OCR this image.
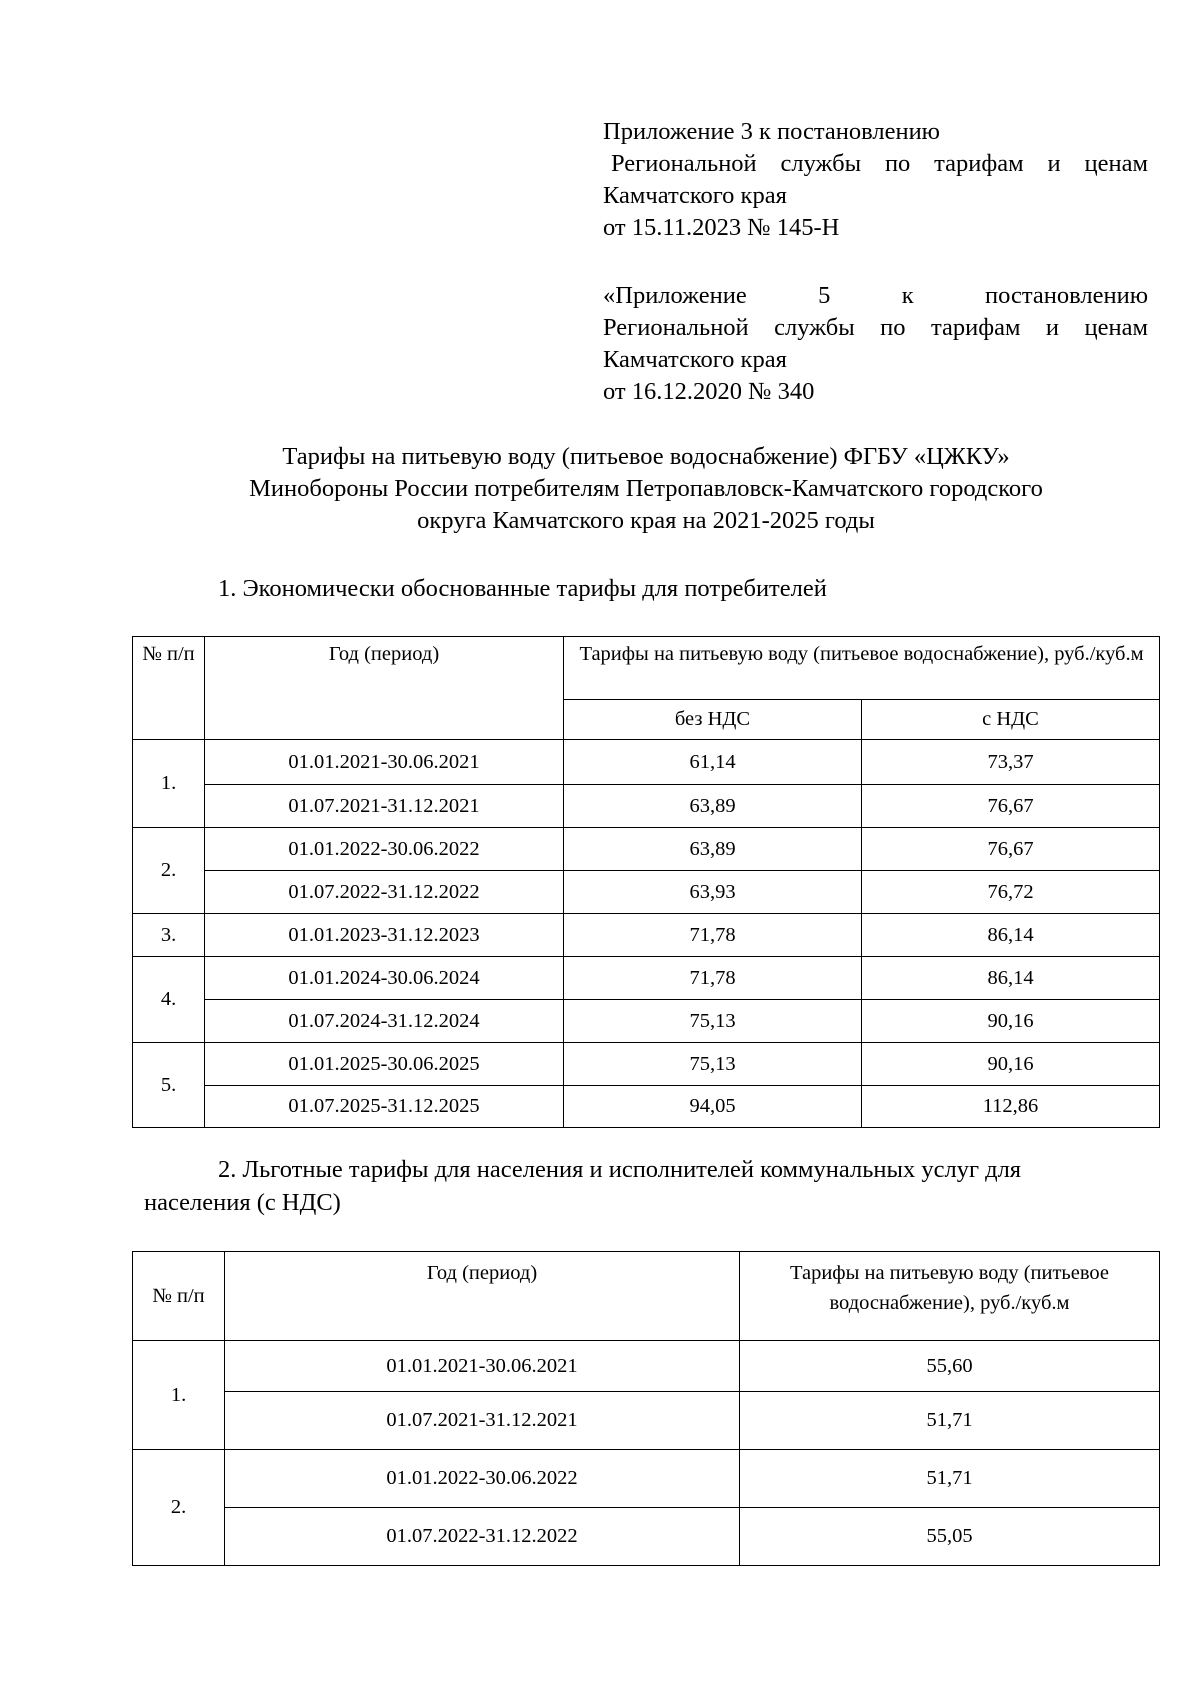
Приложение 3 к постановлению
Региональной службы по тарифам и ценам
Камчатского края
от 15.11.2023 № 145-Н
«Приложение 5 к постановлению
Региональной службы по тарифам и ценам
Камчатского края
от 16.12.2020 № 340
Тарифы на питьевую воду (питьевое водоснабжение) ФГБУ «ЦЖКУ»
Минобороны России потребителям Петропавловск-Камчатского городского
округа Камчатского края на 2021-2025 годы
1. Экономически обоснованные тарифы для потребителей
№ п/п	Год (период)	Тарифы на питьевую воду (питьевое водоснабжение), руб./куб.м	
		без НДС	с НДС
1.	01.01.2021-30.06.2021	61,14	73,37
	01.07.2021-31.12.2021	63,89	76,67
2.	01.01.2022-30.06.2022	63,89	76,67
	01.07.2022-31.12.2022	63,93	76,72
3.	01.01.2023-31.12.2023	71,78	86,14
4.	01.01.2024-30.06.2024	71,78	86,14
	01.07.2024-31.12.2024	75,13	90,16
5.	01.01.2025-30.06.2025	75,13	90,16
	01.07.2025-31.12.2025	94,05	112,86
2. Льготные тарифы для населения и исполнителей коммунальных услуг для
населения (с НДС)
№ п/п	Год (период)	Тарифы на питьевую воду (питьевое водоснабжение), руб./куб.м
1.	01.01.2021-30.06.2021	55,60
	01.07.2021-31.12.2021	51,71
2.	01.01.2022-30.06.2022	51,71
	01.07.2022-31.12.2022	55,05
